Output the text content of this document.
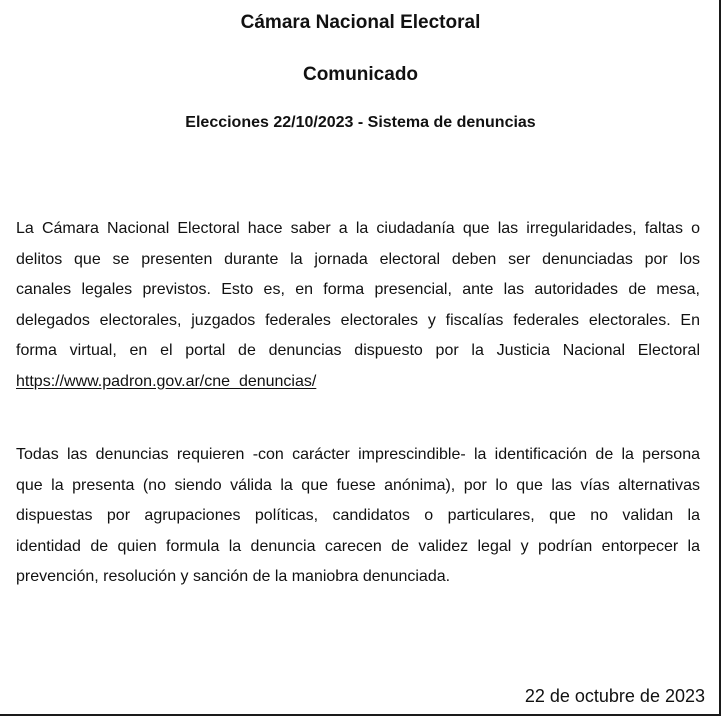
Cámara Nacional Electoral
Comunicado
Elecciones 22/10/2023 - Sistema de denuncias
La Cámara Nacional Electoral hace saber a la ciudadanía que las irregularidades, faltas o
delitos que se presenten durante la jornada electoral deben ser denunciadas por los
canales legales previstos. Esto es, en forma presencial, ante las autoridades de mesa,
delegados electorales, juzgados federales electorales y fiscalías federales electorales. En
forma virtual, en el portal de denuncias dispuesto por la Justicia Nacional Electoral
https://www.padron.gov.ar/cne_denuncias/
Todas las denuncias requieren -con carácter imprescindible- la identificación de la persona
que la presenta (no siendo válida la que fuese anónima), por lo que las vías alternativas
dispuestas por agrupaciones políticas, candidatos o particulares, que no validan la
identidad de quien formula la denuncia carecen de validez legal y podrían entorpecer la
prevención, resolución y sanción de la maniobra denunciada.

22 de octubre de 2023
